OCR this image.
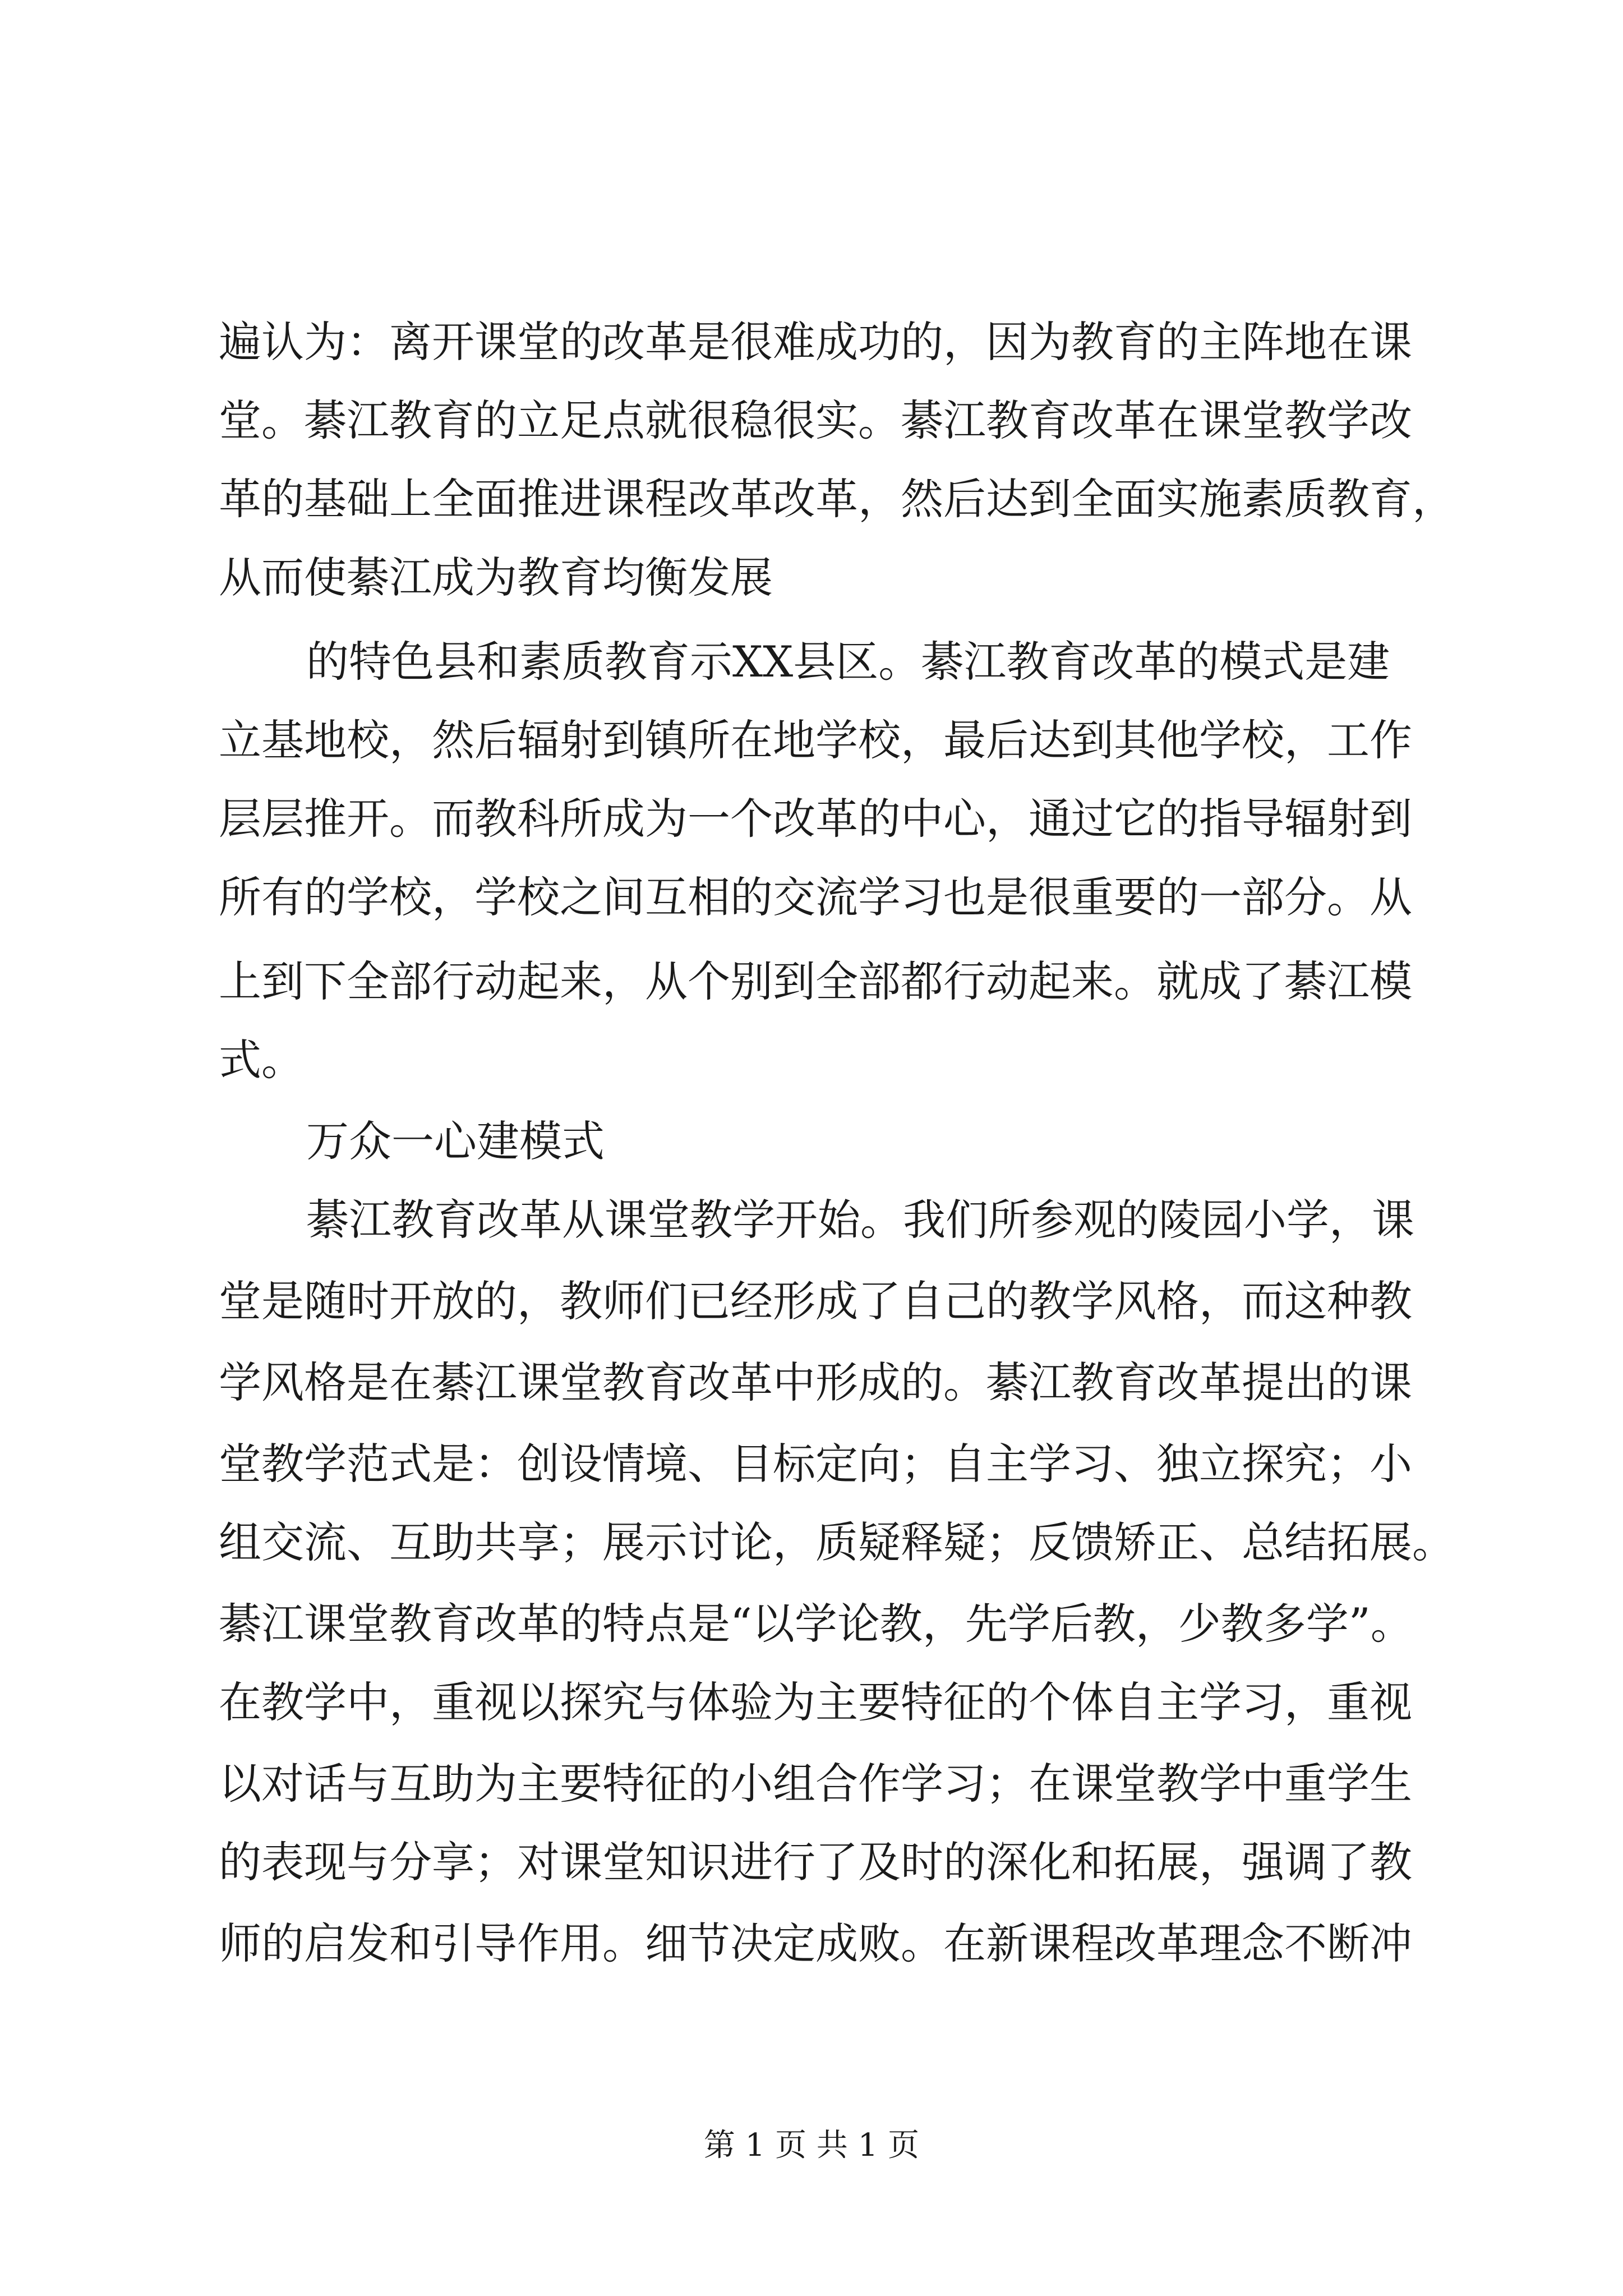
遍认为：离开课堂的改革是很难成功的，因为教育的主阵地在课
堂。綦江教育的立足点就很稳很实。綦江教育改革在课堂教学改
革的基础上全面推进课程改革改革，然后达到全面实施素质教育，
从而使綦江成为教育均衡发展
的特色县和素质教育示XX县区。綦江教育改革的模式是建
立基地校，然后辐射到镇所在地学校，最后达到其他学校，工作
层层推开。而教科所成为一个改革的中心，通过它的指导辐射到
所有的学校，学校之间互相的交流学习也是很重要的一部分。从
上到下全部行动起来，从个别到全部都行动起来。就成了綦江模
式。
万众一心建模式
綦江教育改革从课堂教学开始。我们所参观的陵园小学，课
堂是随时开放的，教师们已经形成了自己的教学风格，而这种教
学风格是在綦江课堂教育改革中形成的。綦江教育改革提出的课
堂教学范式是：创设情境、目标定向；自主学习、独立探究；小
组交流、互助共享；展示讨论，质疑释疑；反馈矫正、总结拓展。
綦江课堂教育改革的特点是“以学论教，先学后教，少教多学”。
在教学中，重视以探究与体验为主要特征的个体自主学习，重视
以对话与互助为主要特征的小组合作学习；在课堂教学中重学生
的表现与分享；对课堂知识进行了及时的深化和拓展，强调了教
师的启发和引导作用。细节决定成败。在新课程改革理念不断冲
第 1 页 共 1 页
